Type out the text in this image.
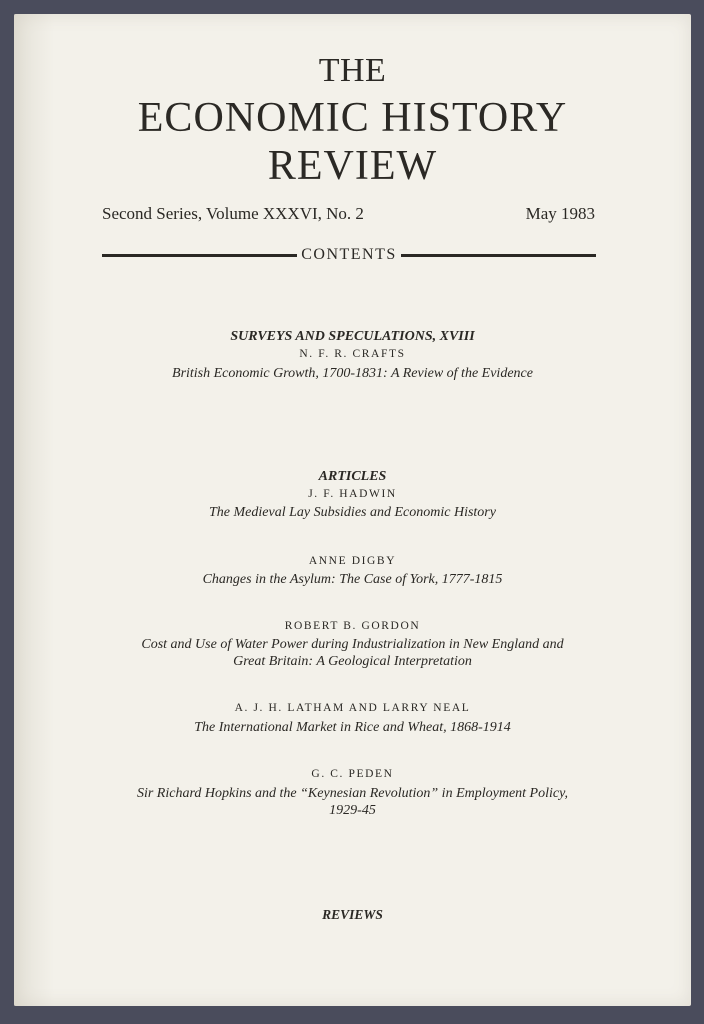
THE
ECONOMIC HISTORY
REVIEW
Second Series, Volume XXXVI, No. 2	May 1983
CONTENTS
SURVEYS AND SPECULATIONS, XVIII
N. F. R. CRAFTS
British Economic Growth, 1700-1831: A Review of the Evidence
ARTICLES
J. F. HADWIN
The Medieval Lay Subsidies and Economic History
ANNE DIGBY
Changes in the Asylum: The Case of York, 1777-1815
ROBERT B. GORDON
Cost and Use of Water Power during Industrialization in New England and
Great Britain: A Geological Interpretation
A. J. H. LATHAM AND LARRY NEAL
The International Market in Rice and Wheat, 1868-1914
G. C. PEDEN
Sir Richard Hopkins and the “Keynesian Revolution” in Employment Policy,
1929-45
REVIEWS
